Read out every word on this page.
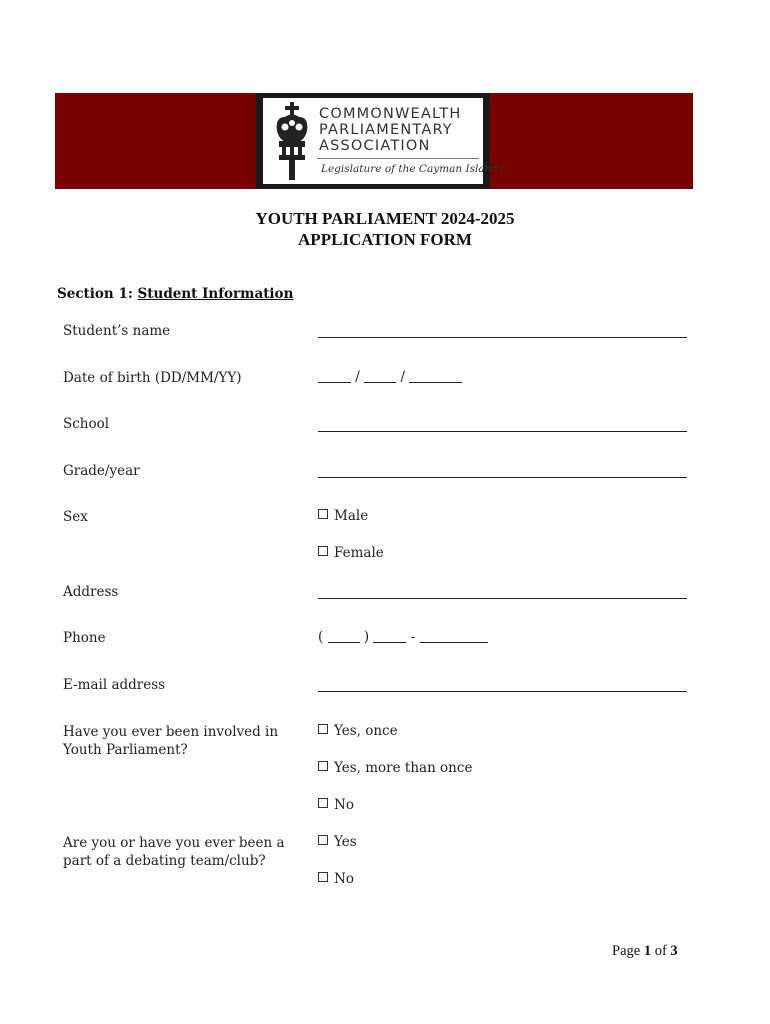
COMMONWEALTH
PARLIAMENTARY
ASSOCIATION
Legislature of the Cayman Islands
YOUTH PARLIAMENT 2024-2025
APPLICATION FORM
Section 1: Student Information
Student’s name
Date of birth (DD/MM/YY)	/	/
School
Grade/year
Sex	Male
Female
Address
Phone	(	)	-
E-mail address
Have you ever been involved in Youth Parliament?
Yes, once
Yes, more than once
No
Are you or have you ever been a part of a debating team/club?
Yes
No
Page 1 of 3
